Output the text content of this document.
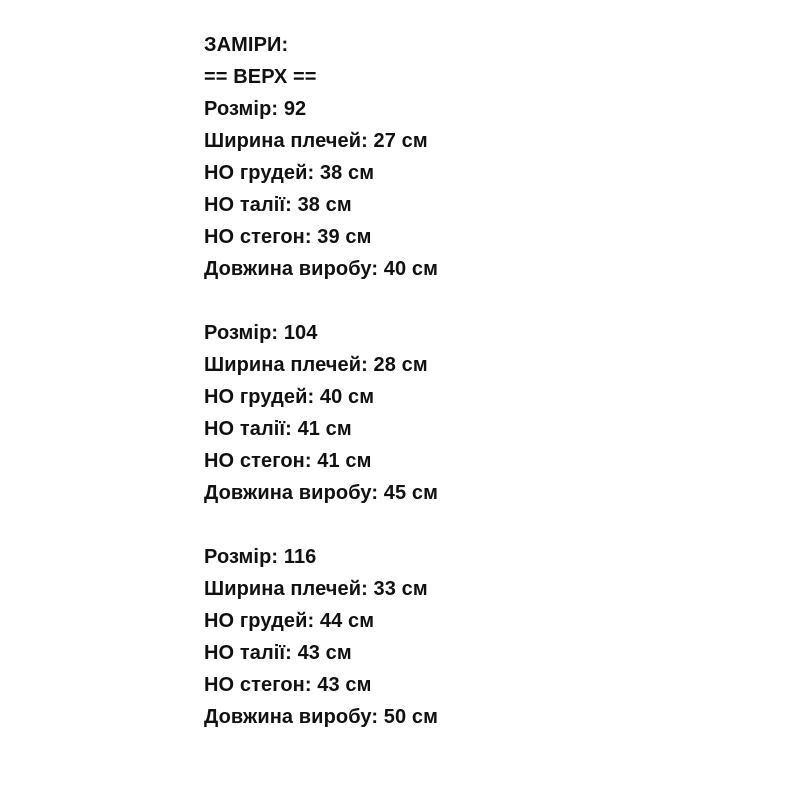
ЗАМІРИ:
== ВЕРХ ==
Розмір: 92
Ширина плечей: 27 см
НО грудей: 38 см
НО талії: 38 см
НО стегон: 39 см
Довжина виробу: 40 см
Розмір: 104
Ширина плечей: 28 см
НО грудей: 40 см
НО талії: 41 см
НО стегон: 41 см
Довжина виробу: 45 см
Розмір: 116
Ширина плечей: 33 см
НО грудей: 44 см
НО талії: 43 см
НО стегон: 43 см
Довжина виробу: 50 см
